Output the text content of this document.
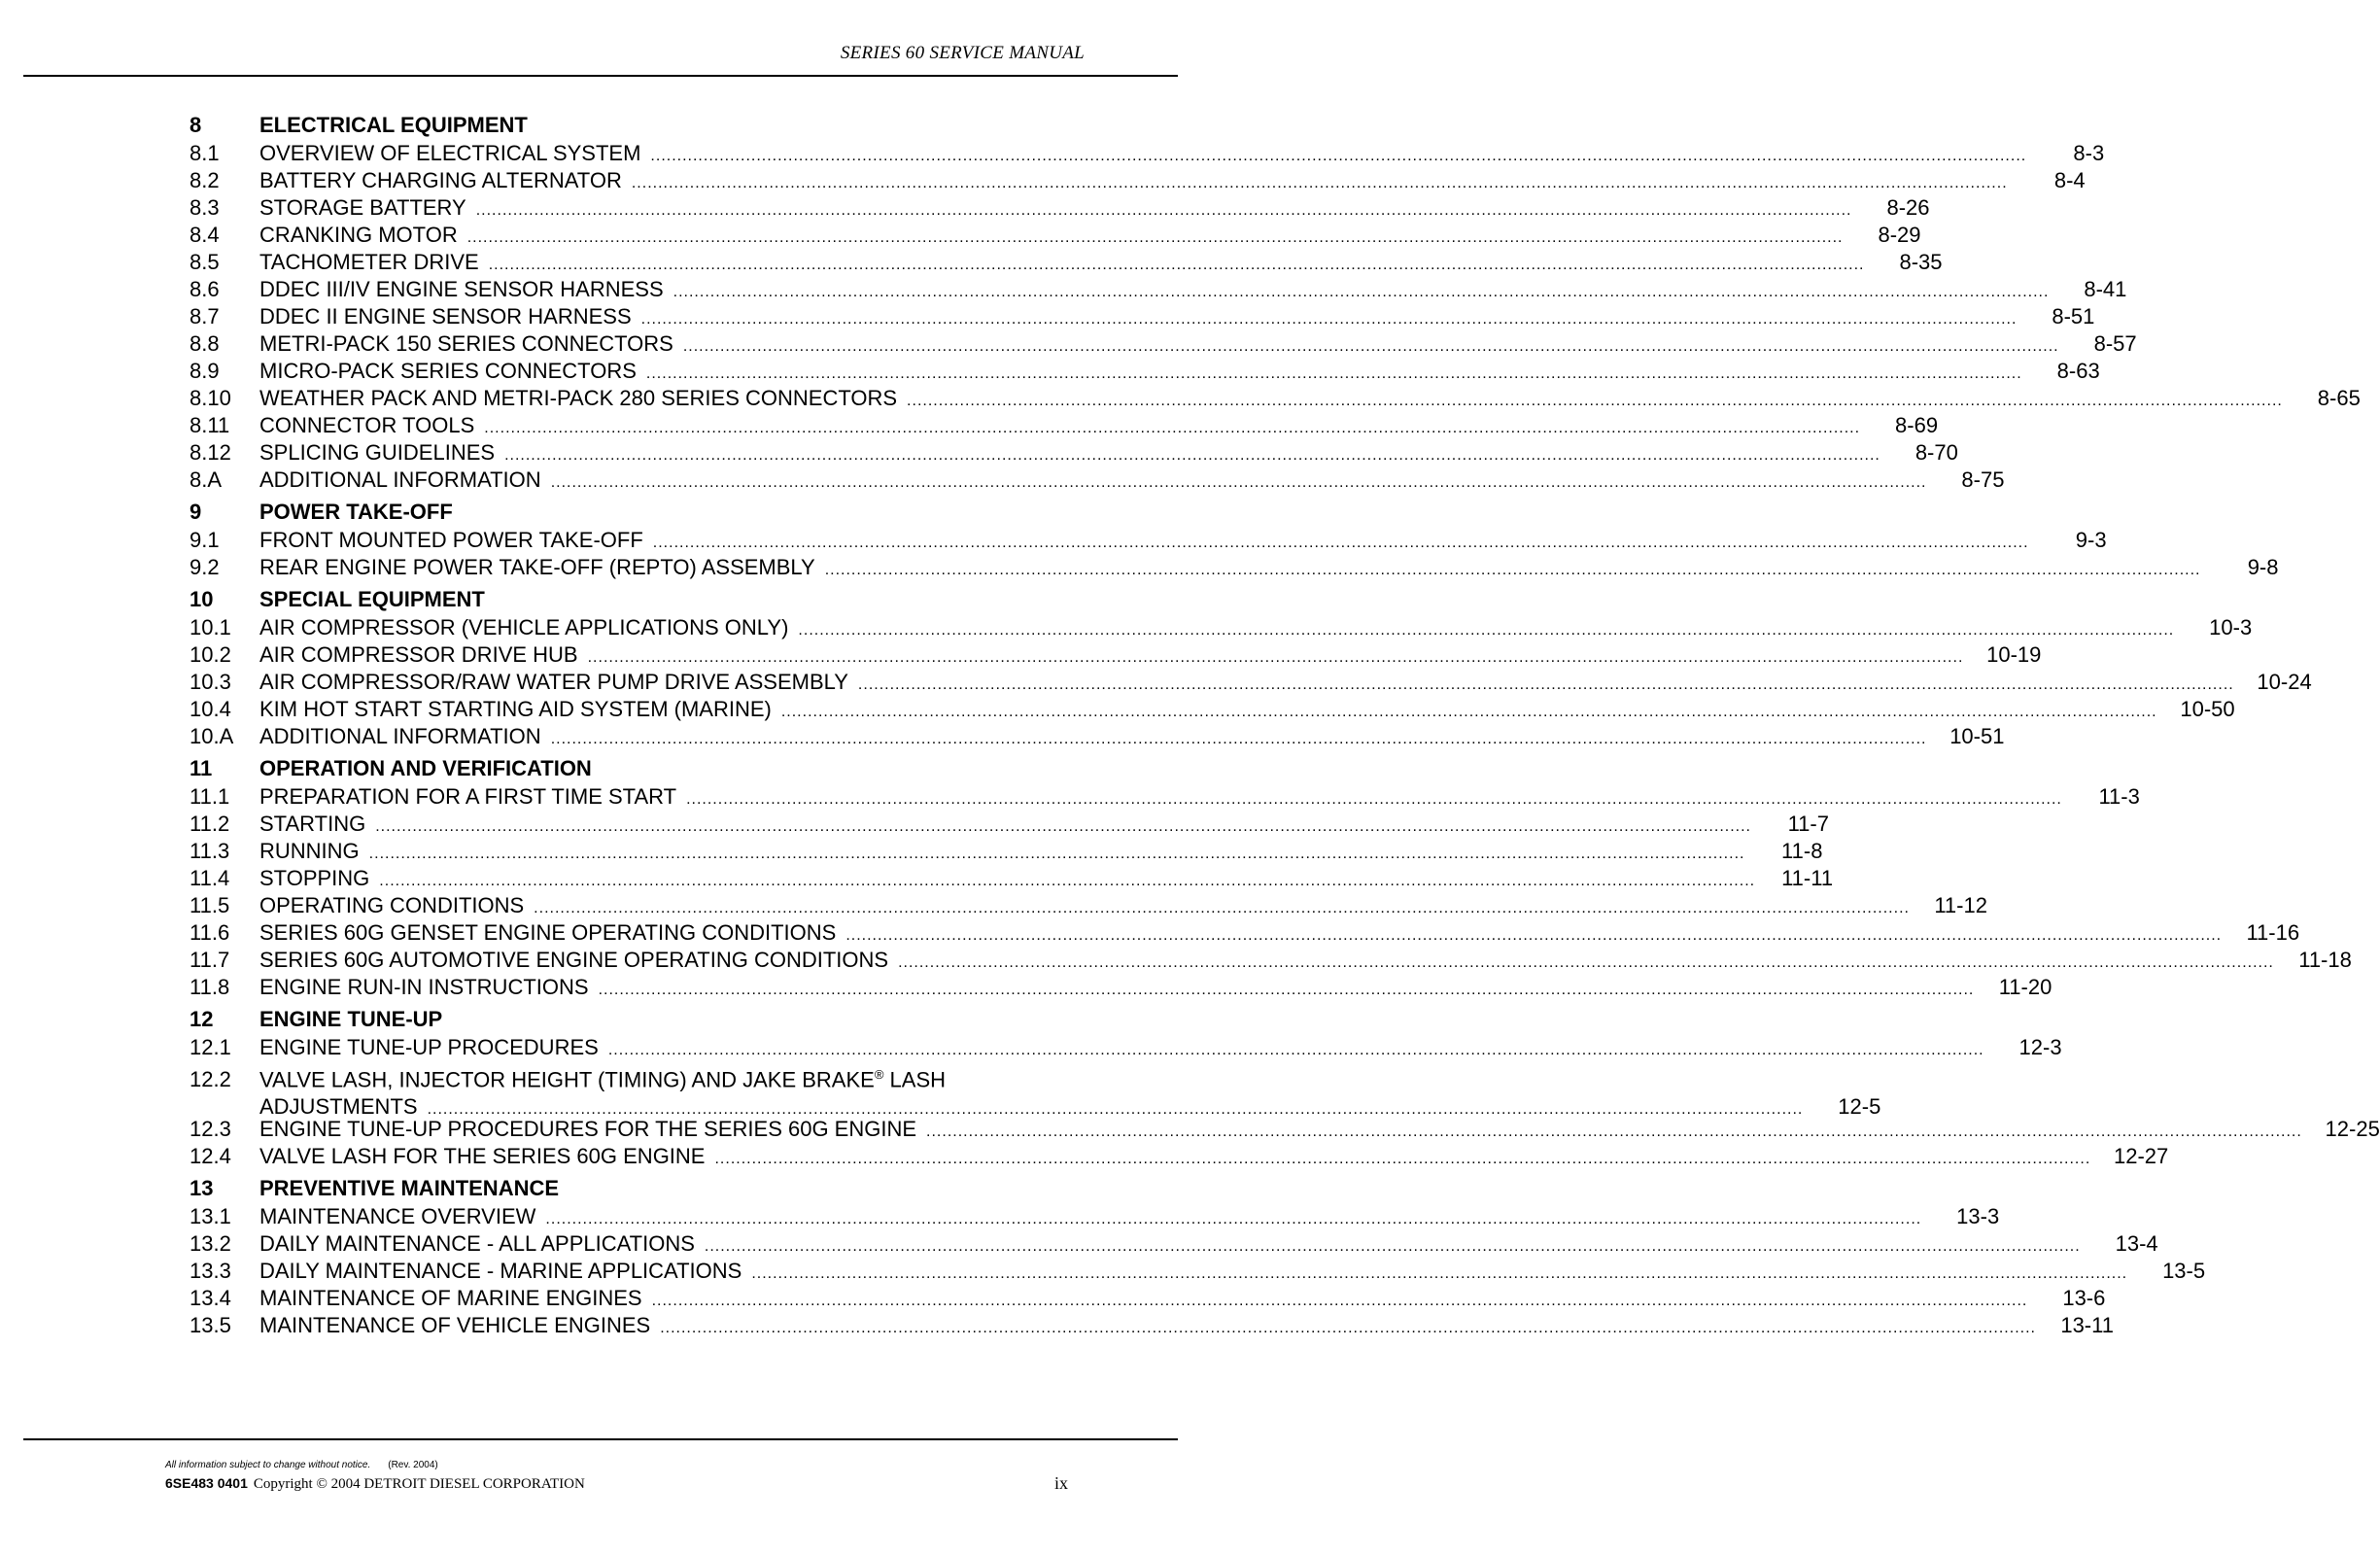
SERIES 60 SERVICE MANUAL
8	ELECTRICAL EQUIPMENT
8.1	OVERVIEW OF ELECTRICAL SYSTEM ....................................................................................................................................................................................................................................................................	8-3
8.2	BATTERY CHARGING ALTERNATOR ....................................................................................................................................................................................................................................................................	8-4
8.3	STORAGE BATTERY ....................................................................................................................................................................................................................................................................	8-26
8.4	CRANKING MOTOR ....................................................................................................................................................................................................................................................................	8-29
8.5	TACHOMETER DRIVE ....................................................................................................................................................................................................................................................................	8-35
8.6	DDEC III/IV ENGINE SENSOR HARNESS ....................................................................................................................................................................................................................................................................	8-41
8.7	DDEC II ENGINE SENSOR HARNESS ....................................................................................................................................................................................................................................................................	8-51
8.8	METRI-PACK 150 SERIES CONNECTORS ....................................................................................................................................................................................................................................................................	8-57
8.9	MICRO-PACK SERIES CONNECTORS ....................................................................................................................................................................................................................................................................	8-63
8.10	WEATHER PACK AND METRI-PACK 280 SERIES CONNECTORS ....................................................................................................................................................................................................................................................................	8-65
8.11	CONNECTOR TOOLS ....................................................................................................................................................................................................................................................................	8-69
8.12	SPLICING GUIDELINES ....................................................................................................................................................................................................................................................................	8-70
8.A	ADDITIONAL INFORMATION ....................................................................................................................................................................................................................................................................	8-75
9	POWER TAKE-OFF
9.1	FRONT MOUNTED POWER TAKE-OFF ....................................................................................................................................................................................................................................................................	9-3
9.2	REAR ENGINE POWER TAKE-OFF (REPTO) ASSEMBLY ....................................................................................................................................................................................................................................................................	9-8
10	SPECIAL EQUIPMENT
10.1	AIR COMPRESSOR (VEHICLE APPLICATIONS ONLY) ....................................................................................................................................................................................................................................................................	10-3
10.2	AIR COMPRESSOR DRIVE HUB ....................................................................................................................................................................................................................................................................	10-19
10.3	AIR COMPRESSOR/RAW WATER PUMP DRIVE ASSEMBLY ....................................................................................................................................................................................................................................................................	10-24
10.4	KIM HOT START STARTING AID SYSTEM (MARINE) ....................................................................................................................................................................................................................................................................	10-50
10.A	ADDITIONAL INFORMATION ....................................................................................................................................................................................................................................................................	10-51
11	OPERATION AND VERIFICATION
11.1	PREPARATION FOR A FIRST TIME START ....................................................................................................................................................................................................................................................................	11-3
11.2	STARTING ....................................................................................................................................................................................................................................................................	11-7
11.3	RUNNING ....................................................................................................................................................................................................................................................................	11-8
11.4	STOPPING ....................................................................................................................................................................................................................................................................	11-11
11.5	OPERATING CONDITIONS ....................................................................................................................................................................................................................................................................	11-12
11.6	SERIES 60G GENSET ENGINE OPERATING CONDITIONS ....................................................................................................................................................................................................................................................................	11-16
11.7	SERIES 60G AUTOMOTIVE ENGINE OPERATING CONDITIONS ....................................................................................................................................................................................................................................................................	11-18
11.8	ENGINE RUN-IN INSTRUCTIONS ....................................................................................................................................................................................................................................................................	11-20
12	ENGINE TUNE-UP
12.1	ENGINE TUNE-UP PROCEDURES ....................................................................................................................................................................................................................................................................	12-3
12.2	VALVE LASH, INJECTOR HEIGHT (TIMING) AND JAKE BRAKE® LASH
ADJUSTMENTS ....................................................................................................................................................................................................................................................................	12-5
12.3	ENGINE TUNE-UP PROCEDURES FOR THE SERIES 60G ENGINE ....................................................................................................................................................................................................................................................................	12-25
12.4	VALVE LASH FOR THE SERIES 60G ENGINE ....................................................................................................................................................................................................................................................................	12-27
13	PREVENTIVE MAINTENANCE
13.1	MAINTENANCE OVERVIEW ....................................................................................................................................................................................................................................................................	13-3
13.2	DAILY MAINTENANCE - ALL APPLICATIONS ....................................................................................................................................................................................................................................................................	13-4
13.3	DAILY MAINTENANCE - MARINE APPLICATIONS ....................................................................................................................................................................................................................................................................	13-5
13.4	MAINTENANCE OF MARINE ENGINES ....................................................................................................................................................................................................................................................................	13-6
13.5	MAINTENANCE OF VEHICLE ENGINES ....................................................................................................................................................................................................................................................................	13-11
All information subject to change without notice. (Rev. 2004)
6SE483 0401 Copyright © 2004 DETROIT DIESEL CORPORATION	ix
